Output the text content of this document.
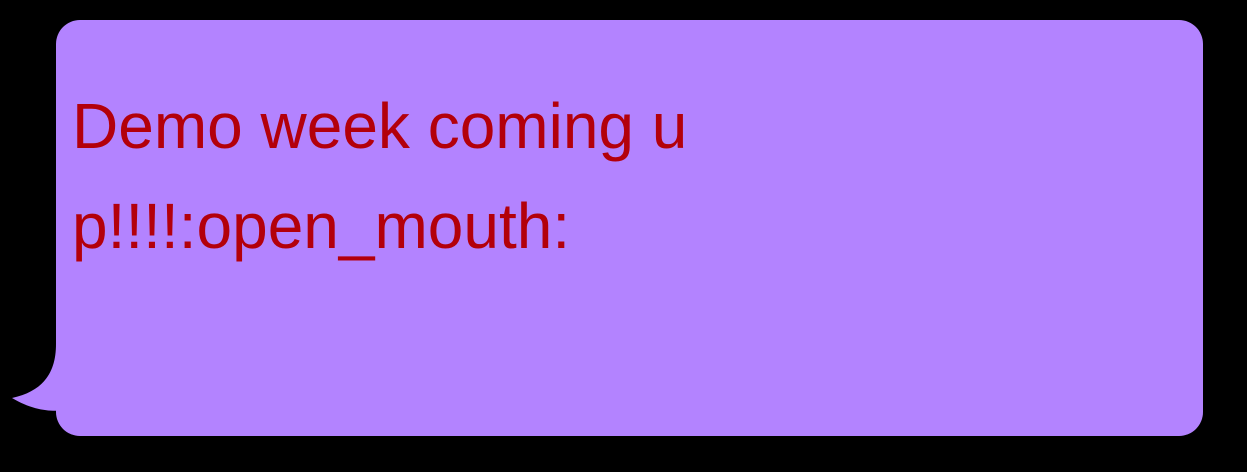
Demo week coming up!!!!:open_mouth:
